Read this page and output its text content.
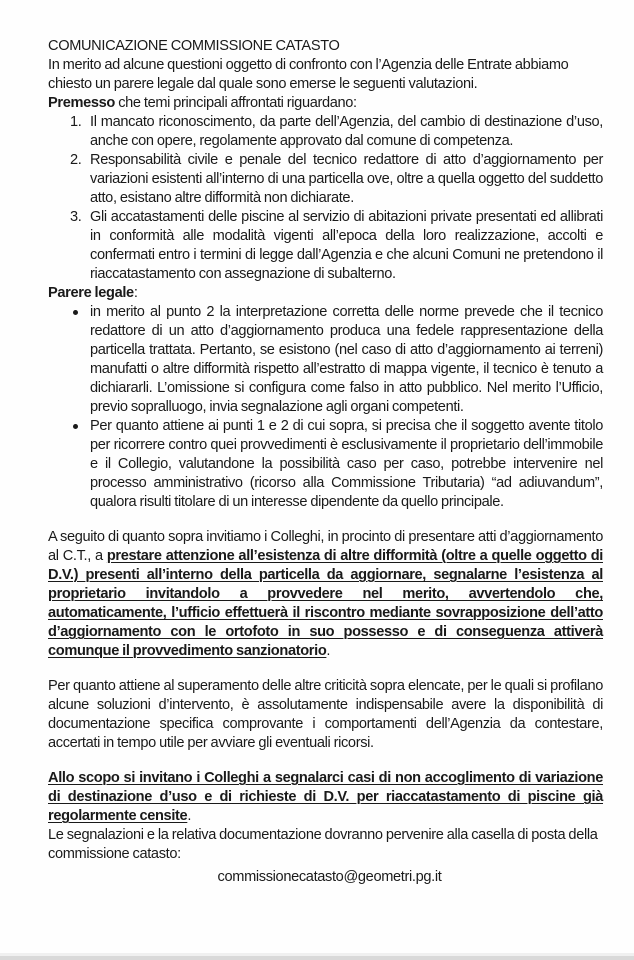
COMUNICAZIONE COMMISSIONE CATASTO

In merito ad alcune questioni oggetto di confronto con l’Agenzia delle Entrate abbiamo chiesto un parere legale dal quale sono emerse le seguenti valutazioni.

Premesso che temi principali affrontati riguardano:

1. Il mancato riconoscimento, da parte dell’Agenzia, del cambio di destinazione d’uso, anche con opere, regolamente approvato dal comune di competenza.
2. Responsabilità civile e penale del tecnico redattore di atto d’aggiornamento per variazioni esistenti all’interno di una particella ove, oltre a quella oggetto del suddetto atto, esistano altre difformità non dichiarate.
3. Gli accatastamenti delle piscine al servizio di abitazioni private presentati ed allibrati in conformità alle modalità vigenti all’epoca della loro realizzazione, accolti e confermati entro i termini di legge dall’Agenzia e che alcuni Comuni ne pretendono il riaccatastamento con assegnazione di subalterno.

Parere legale:

in merito al punto 2 la interpretazione corretta delle norme prevede che il tecnico redattore di un atto d’aggiornamento produca una fedele rappresentazione della particella trattata. Pertanto, se esistono (nel caso di atto d’aggiornamento ai terreni) manufatti o altre difformità rispetto all’estratto di mappa vigente, il tecnico è tenuto a dichiararli. L’omissione si configura come falso in atto pubblico. Nel merito l’Ufficio, previo sopralluogo, invia segnalazione agli organi competenti.
Per quanto attiene ai punti 1 e 2 di cui sopra, si precisa che il soggetto avente titolo per ricorrere contro quei provvedimenti è esclusivamente il proprietario dell’immobile e il Collegio, valutandone la possibilità caso per caso, potrebbe intervenire nel processo amministrativo (ricorso alla Commissione Tributaria) “ad adiuvandum”, qualora risulti titolare di un interesse dipendente da quello principale.

A seguito di quanto sopra invitiamo i Colleghi, in procinto di presentare atti d’aggiornamento al C.T., a prestare attenzione all’esistenza di altre difformità (oltre a quelle oggetto di D.V.) presenti all’interno della particella da aggiornare, segnalarne l’esistenza al proprietario invitandolo a provvedere nel merito, avvertendolo che, automaticamente, l’ufficio effettuerà il riscontro mediante sovrapposizione dell’atto d’aggiornamento con le ortofoto in suo possesso e di conseguenza attiverà comunque il provvedimento sanzionatorio.

Per quanto attiene al superamento delle altre criticità sopra elencate, per le quali si profilano alcune soluzioni d’intervento, è assolutamente indispensabile avere la disponibilità di documentazione specifica comprovante i comportamenti dell’Agenzia da contestare, accertati in tempo utile per avviare gli eventuali ricorsi.

Allo scopo si invitano i Colleghi a segnalarci casi di non accoglimento di variazione di destinazione d’uso e di richieste di D.V. per riaccatastamento di piscine già regolarmente censite.

Le segnalazioni e la relativa documentazione dovranno pervenire alla casella di posta della commissione catasto:

commissionecatasto@geometri.pg.it
